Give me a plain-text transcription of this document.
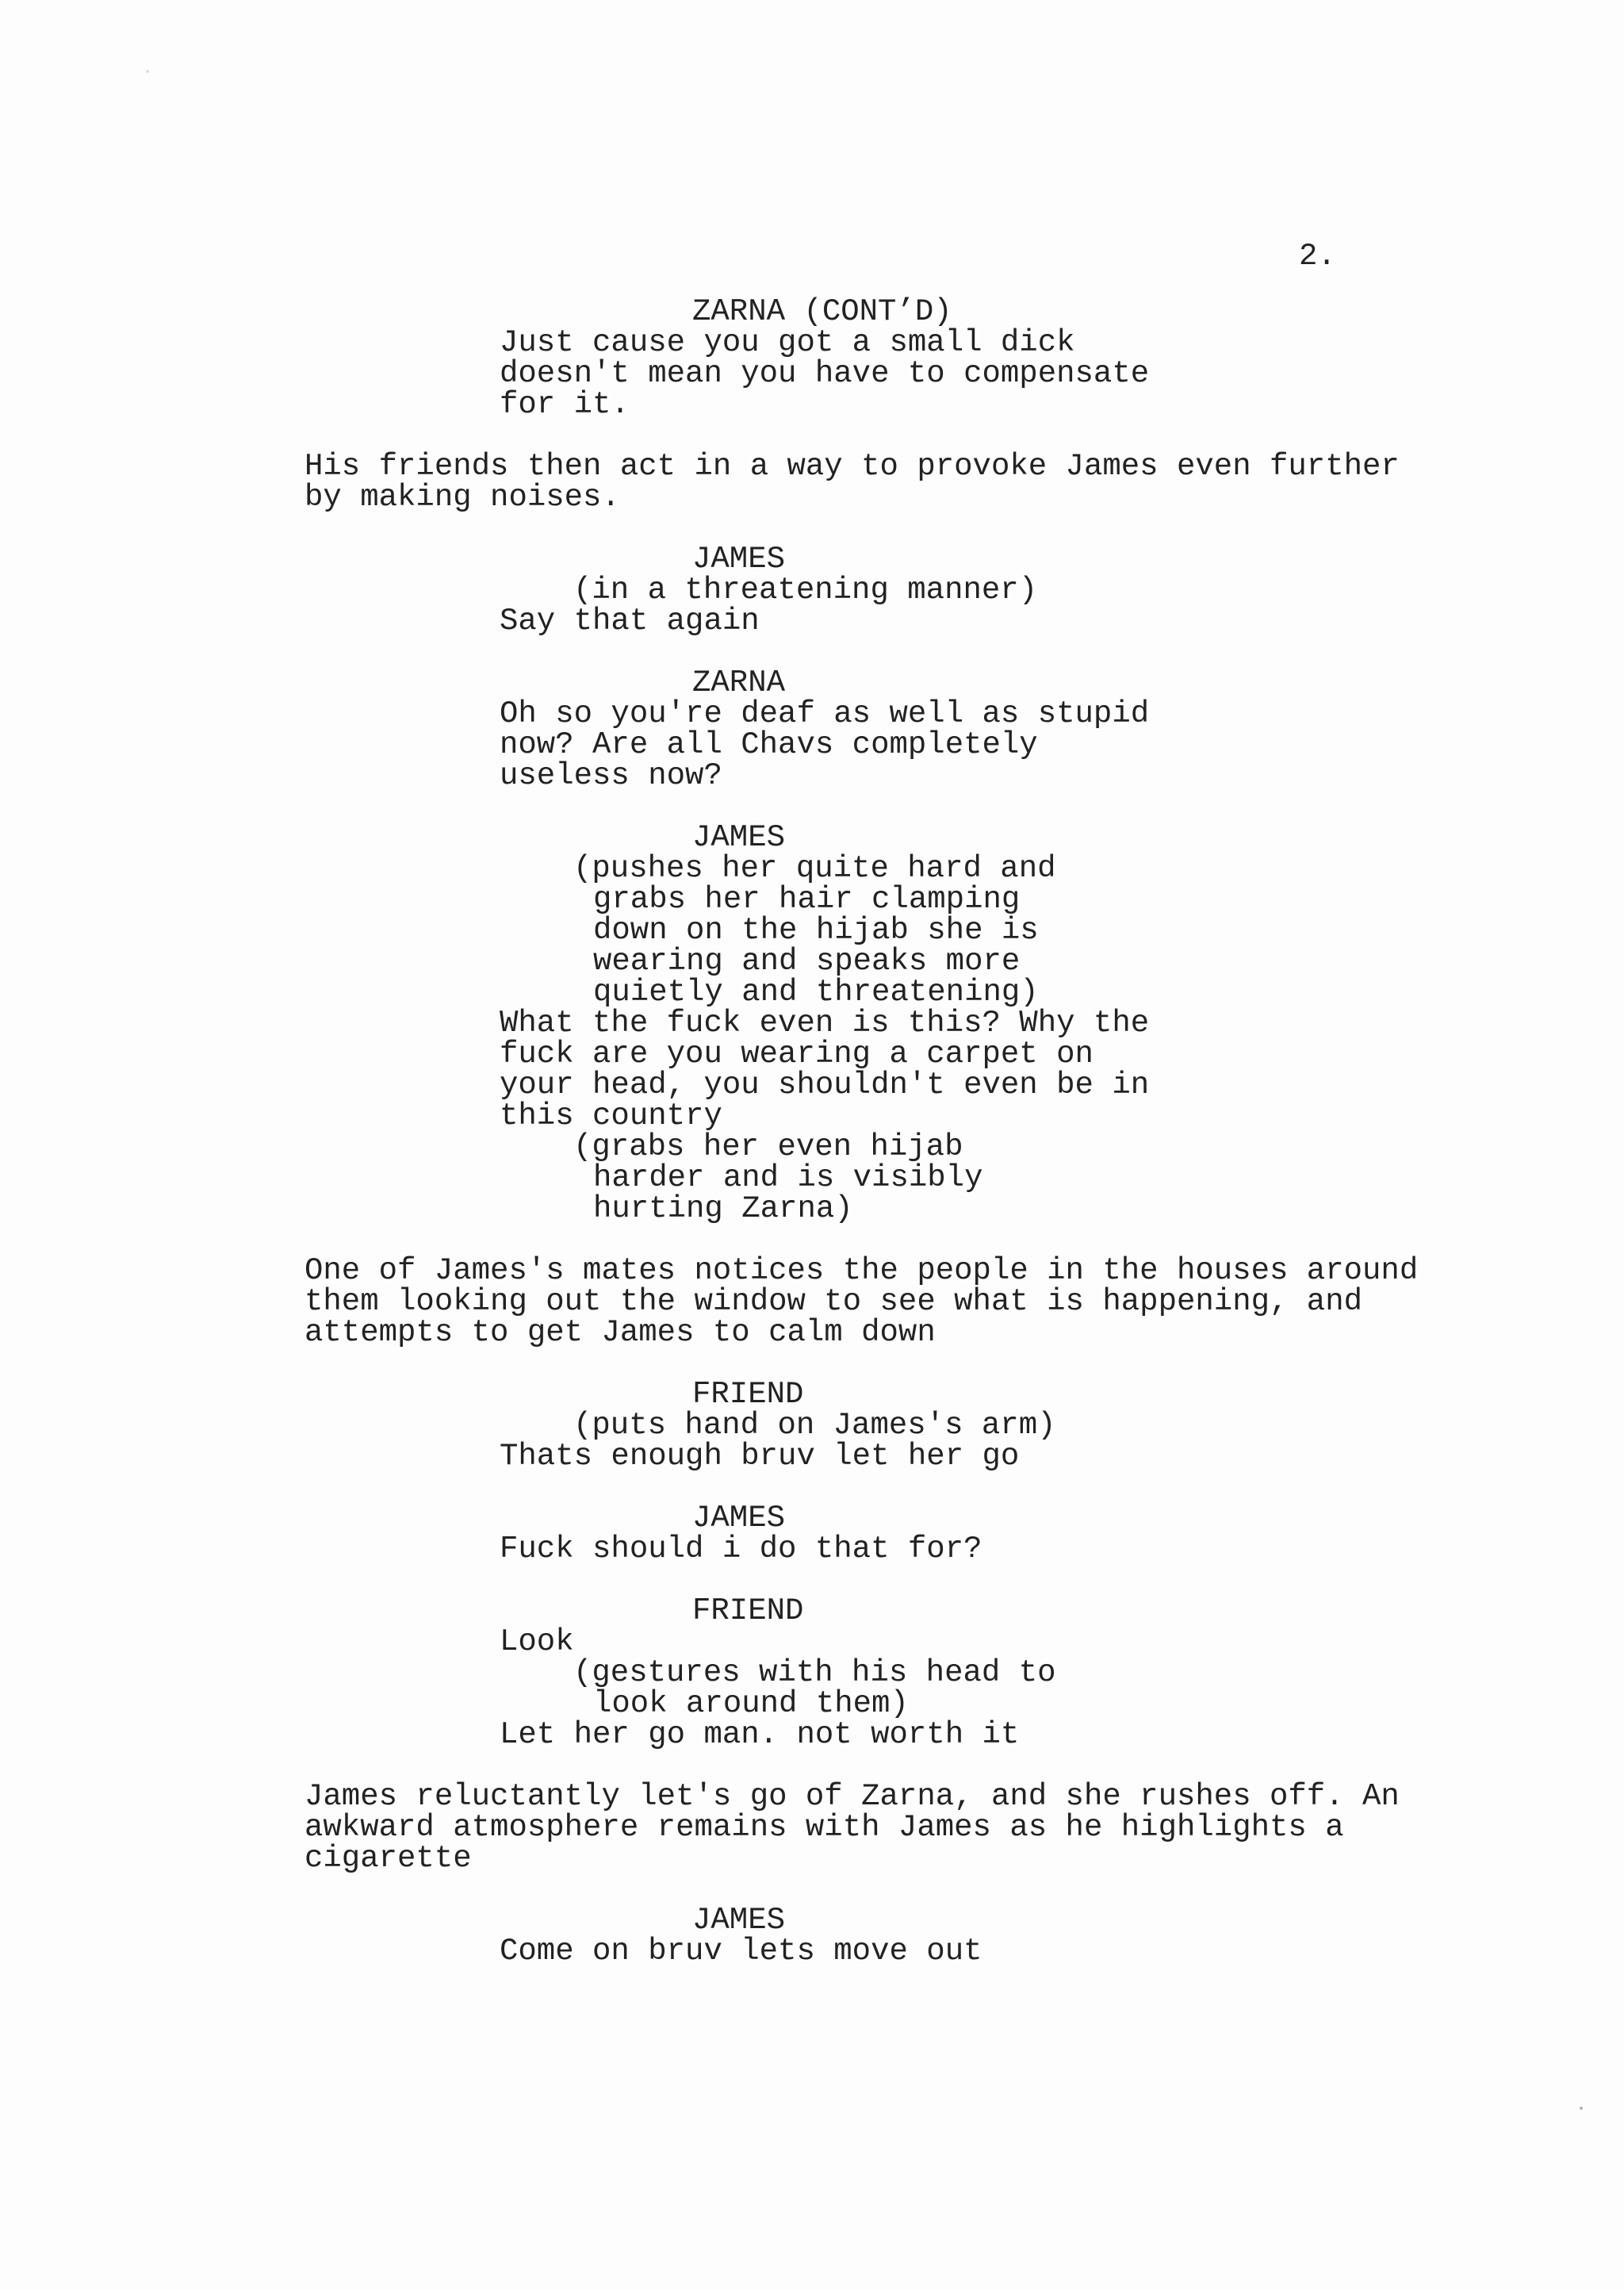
2.
ZARNA (CONT’D)
Just cause you got a small dick
doesn't mean you have to compensate
for it.
His friends then act in a way to provoke James even further
by making noises.
JAMES
(in a threatening manner)
Say that again
ZARNA
Oh so you're deaf as well as stupid
now? Are all Chavs completely
useless now?
JAMES
(pushes her quite hard and
grabs her hair clamping
down on the hijab she is
wearing and speaks more
quietly and threatening)
What the fuck even is this? Why the
fuck are you wearing a carpet on
your head, you shouldn't even be in
this country
(grabs her even hijab
harder and is visibly
hurting Zarna)
One of James's mates notices the people in the houses around
them looking out the window to see what is happening, and
attempts to get James to calm down
FRIEND
(puts hand on James's arm)
Thats enough bruv let her go
JAMES
Fuck should i do that for?
FRIEND
Look
(gestures with his head to
look around them)
Let her go man. not worth it
James reluctantly let's go of Zarna, and she rushes off. An
awkward atmosphere remains with James as he highlights a
cigarette
JAMES
Come on bruv lets move out
